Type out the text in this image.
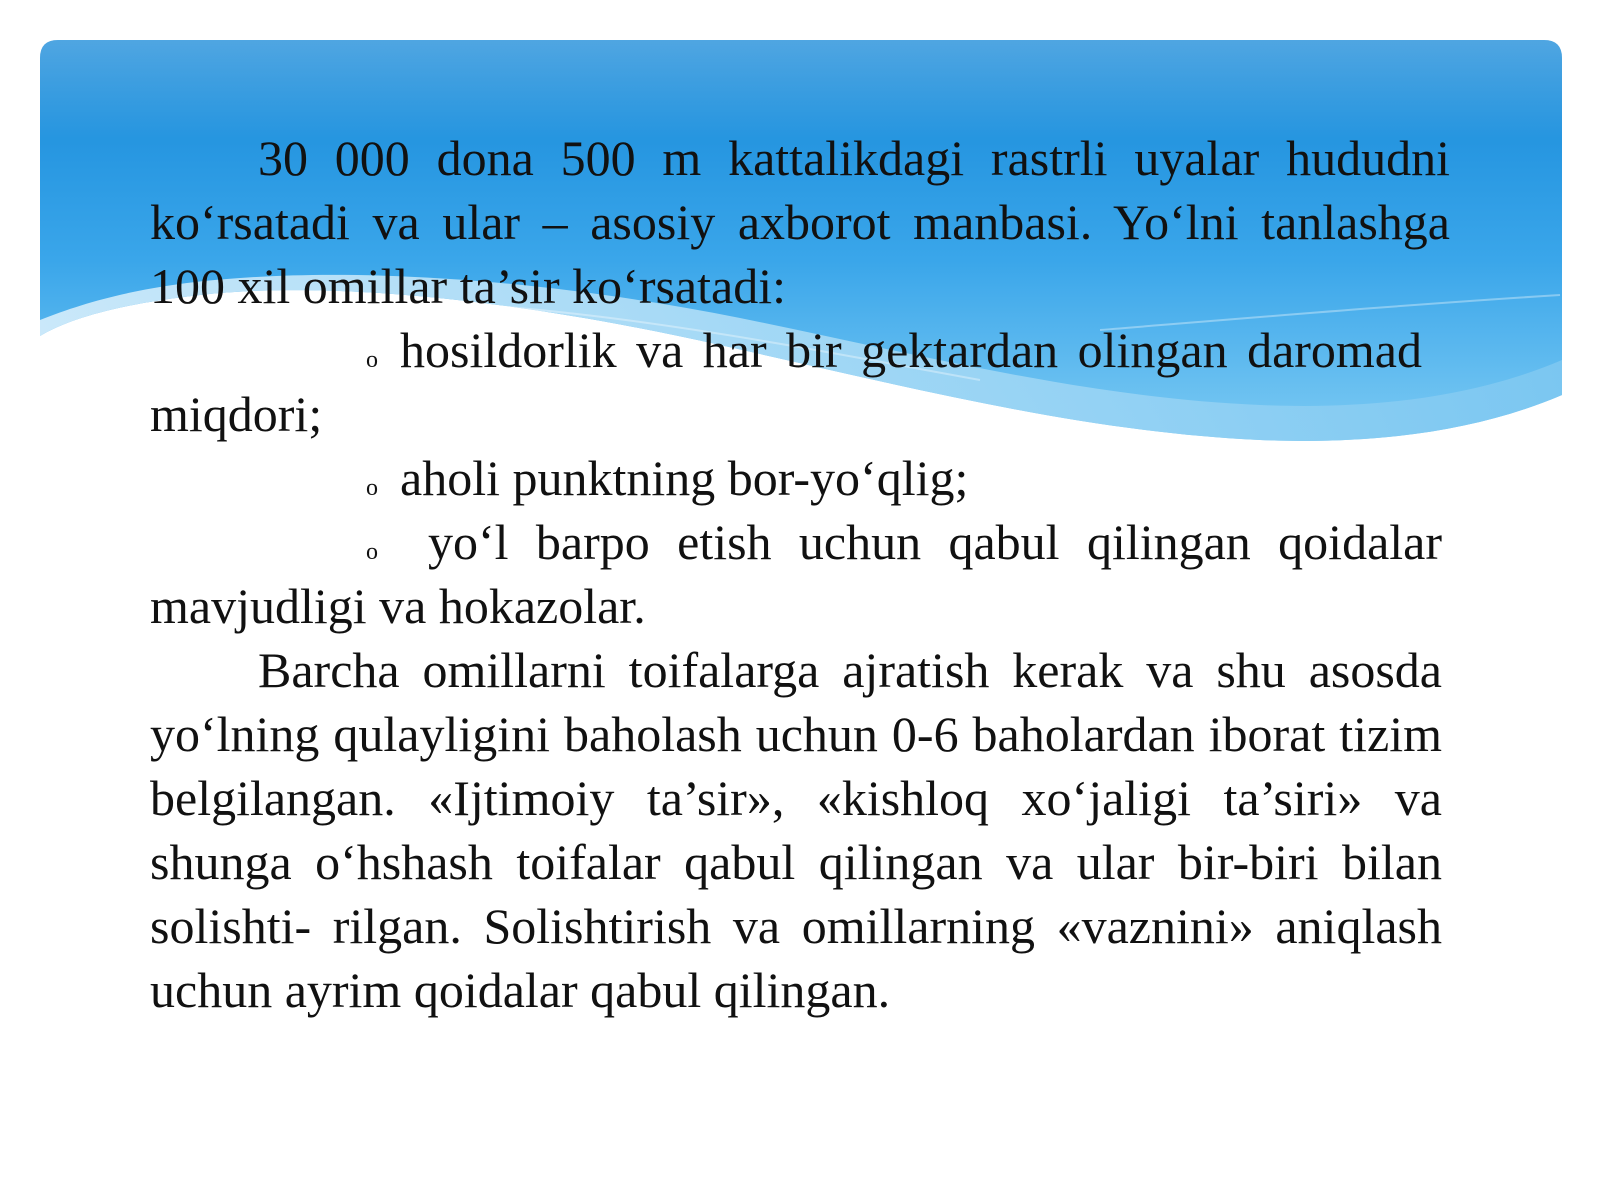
30 000 dona 500 m kattalikdagi rastrli uyalar hududni ko‘rsatadi va ular – asosiy axborot manbasi. Yo‘lni tanlashga 100 xil omillar ta’sir ko‘rsatadi:

o hosildorlik va har bir gektardan olingan daromad miqdori;

o aholi punktning bor-yo‘qlig;

o yo‘l barpo etish uchun qabul qilingan qoidalar mavjudligi va hokazolar.

Barcha omillarni toifalarga ajratish kerak va shu asosda yo‘lning qulayligini baholash uchun 0-6 baholardan iborat tizim belgilangan. «Ijtimoiy ta’sir», «kishloq xo‘jaligi ta’siri» va shunga o‘hshash toifalar qabul qilingan va ular bir-biri bilan solishti- rilgan. Solishtirish va omillarning «vaznini» aniqlash uchun ayrim qoidalar qabul qilingan.
